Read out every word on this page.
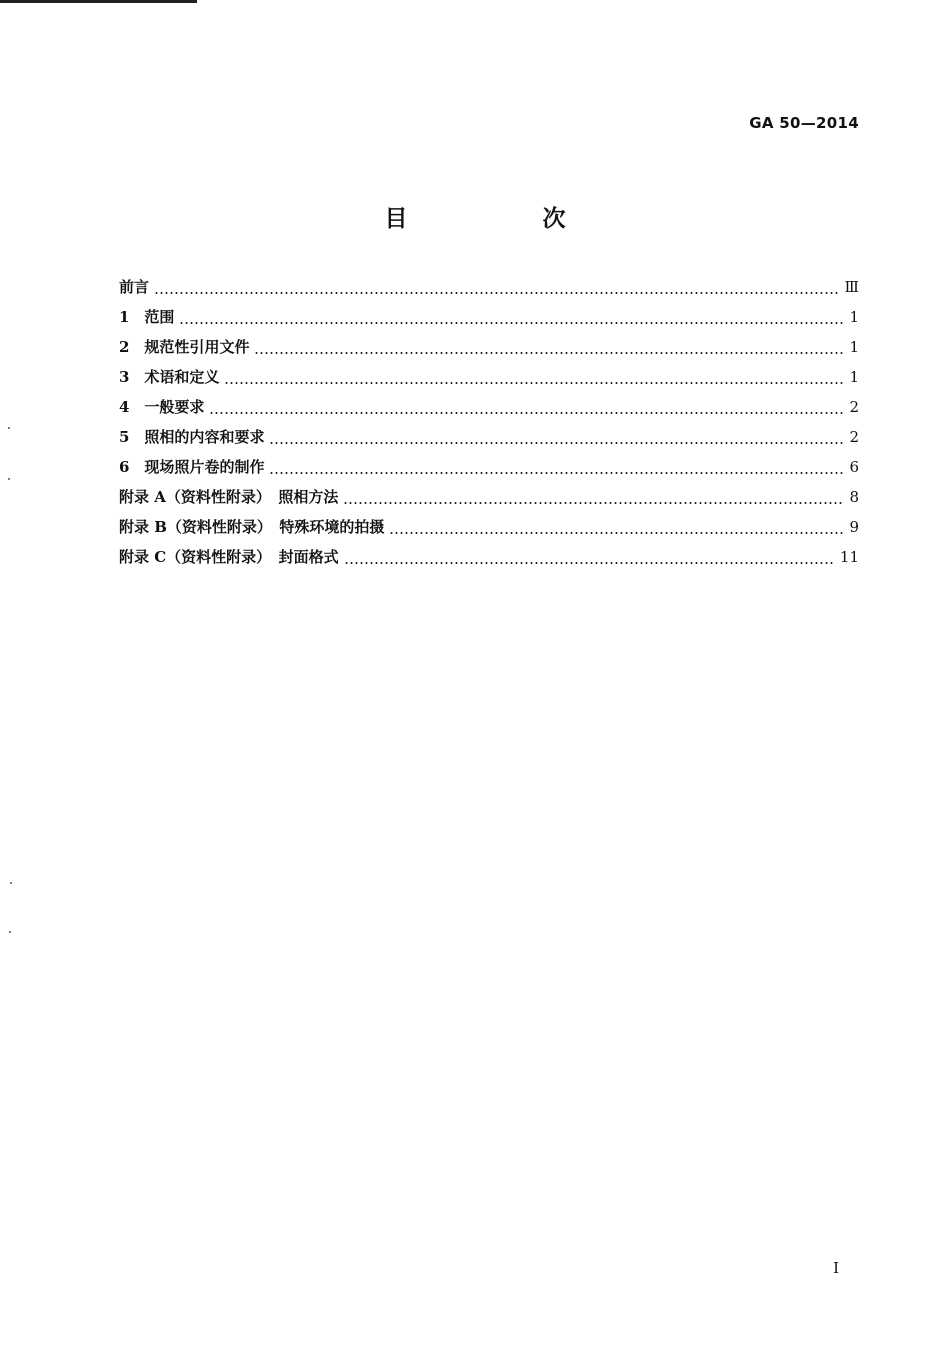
GA 50—2014
目　次
前言	Ⅲ
1　范围	1
2　规范性引用文件	1
3　术语和定义	1
4　一般要求	2
5　照相的内容和要求	2
6　现场照片卷的制作	6
附录 A（资料性附录）　照相方法	8
附录 B（资料性附录）　特殊环境的拍摄	9
附录 C（资料性附录）　封面格式	11
I
